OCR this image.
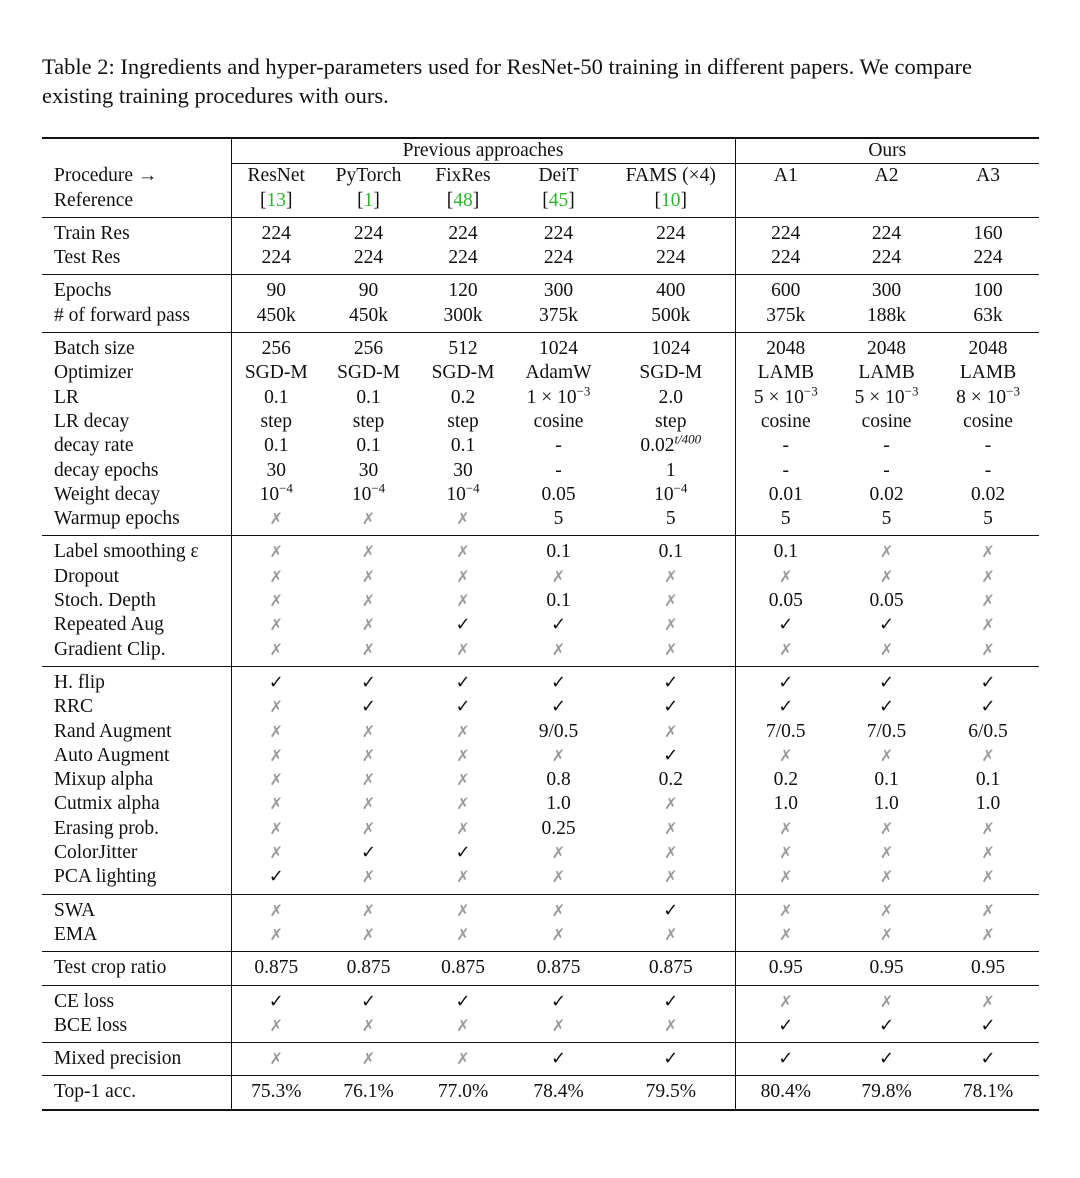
Table 2: Ingredients and hyper-parameters used for ResNet-50 training in different papers. We compare existing training procedures with ours.

	Previous approaches					Ours		

Procedure →	ResNet	PyTorch	FixRes	DeiT	FAMS (×4)	A1	A2	A3
Reference	[13]	[1]	[48]	[45]	[10]			
Train Res	224	224	224	224	224	224	224	160
Test Res	224	224	224	224	224	224	224	224
Epochs	90	90	120	300	400	600	300	100
# of forward pass	450k	450k	300k	375k	500k	375k	188k	63k
Batch size	256	256	512	1024	1024	2048	2048	2048
Optimizer	SGD-M	SGD-M	SGD-M	AdamW	SGD-M	LAMB	LAMB	LAMB
LR	0.1	0.1	0.2	$1 \times 10^{-3}$	2.0	$5 \times 10^{-3}$	$5 \times 10^{-3}$	$8 \times 10^{-3}$
LR decay	step	step	step	cosine	step	cosine	cosine	cosine
decay rate	0.1	0.1	0.1	-	$0.02^{t/400}$	-	-	-
decay epochs	30	30	30	-	1	-	-	-
Weight decay	$10^{-4}$	$10^{-4}$	$10^{-4}$	0.05	$10^{-4}$	0.01	0.02	0.02
Warmup epochs	✗	✗	✗	5	5	5	5	5
Label smoothing ε	✗	✗	✗	0.1	0.1	0.1	✗	✗
Dropout	✗	✗	✗	✗	✗	✗	✗	✗
Stoch. Depth	✗	✗	✗	0.1	✗	0.05	0.05	✗
Repeated Aug	✗	✗	✓	✓	✗	✓	✓	✗
Gradient Clip.	✗	✗	✗	✗	✗	✗	✗	✗
H. flip	✓	✓	✓	✓	✓	✓	✓	✓
RRC	✗	✓	✓	✓	✓	✓	✓	✓
Rand Augment	✗	✗	✗	9/0.5	✗	7/0.5	7/0.5	6/0.5
Auto Augment	✗	✗	✗	✗	✓	✗	✗	✗
Mixup alpha	✗	✗	✗	0.8	0.2	0.2	0.1	0.1
Cutmix alpha	✗	✗	✗	1.0	✗	1.0	1.0	1.0
Erasing prob.	✗	✗	✗	0.25	✗	✗	✗	✗
ColorJitter	✗	✓	✓	✗	✗	✗	✗	✗
PCA lighting	✓	✗	✗	✗	✗	✗	✗	✗
SWA	✗	✗	✗	✗	✓	✗	✗	✗
EMA	✗	✗	✗	✗	✗	✗	✗	✗
Test crop ratio	0.875	0.875	0.875	0.875	0.875	0.95	0.95	0.95
CE loss	✓	✓	✓	✓	✓	✗	✗	✗
BCE loss	✗	✗	✗	✗	✗	✓	✓	✓
Mixed precision	✗	✗	✗	✓	✓	✓	✓	✓
Top-1 acc.	75.3%	76.1%	77.0%	78.4%	79.5%	80.4%	79.8%	78.1%
